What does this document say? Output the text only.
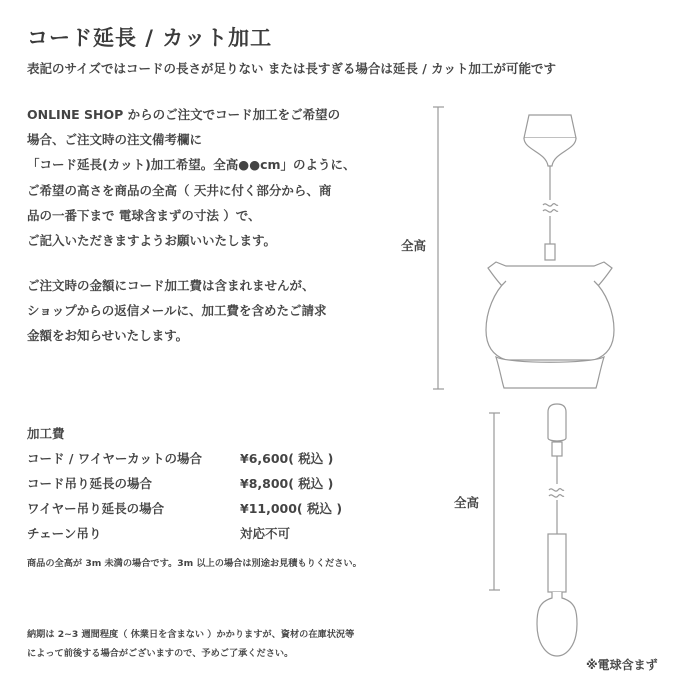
コード延長 / カット加工
表記のサイズではコードの長さが足りない または長すぎる場合は延長 / カット加工が可能です
ONLINE SHOP からのご注文でコード加工をご希望の
場合、ご注文時の注文備考欄に
「コード延長(カット)加工希望。全高●●cm」のように、
ご希望の高さを商品の全高（ 天井に付く部分から、商
品の一番下まで 電球含まずの寸法 ）で、
ご記入いただきますようお願いいたします。
ご注文時の金額にコード加工費は含まれませんが、
ショップからの返信メールに、加工費を含めたご請求
金額をお知らせいたします。
加工費
コード / ワイヤーカットの場合	¥6,600( 税込 )
コード吊り延長の場合	¥8,800( 税込 )
ワイヤー吊り延長の場合	¥11,000( 税込 )
チェーン吊り	対応不可
商品の全高が 3m 未満の場合です。3m 以上の場合は別途お見積もりください。
納期は 2~3 週間程度（ 休業日を含まない ）かかりますが、資材の在庫状況等
によって前後する場合がございますので、予めご了承ください。
全高
全高
※電球含まず
